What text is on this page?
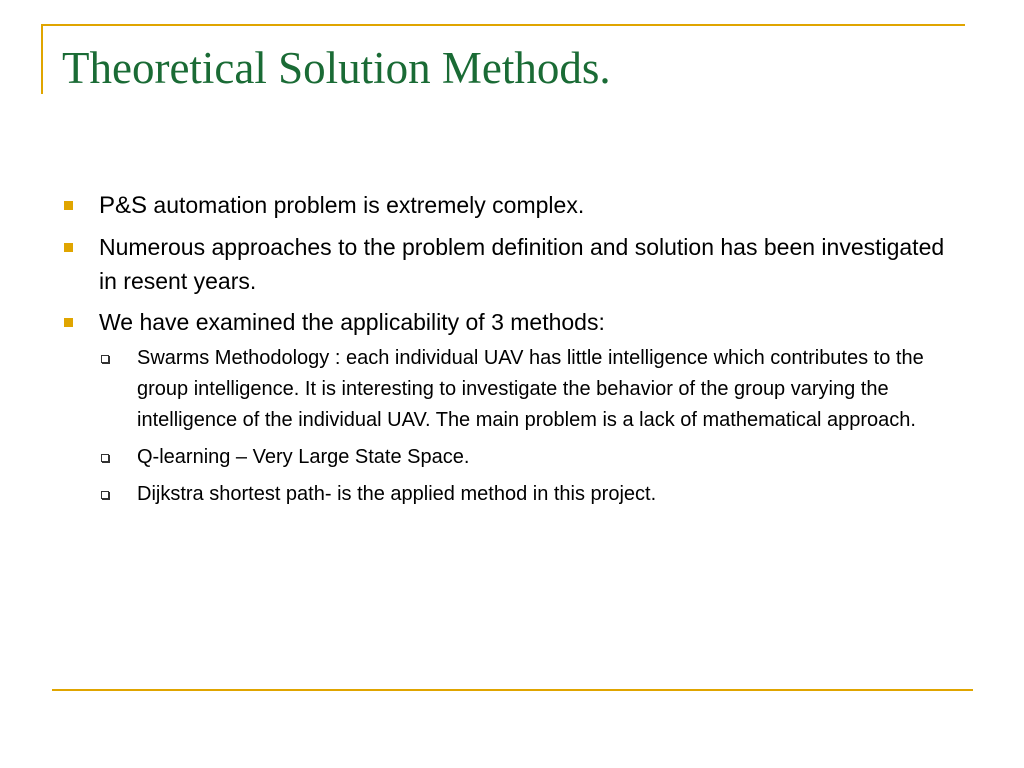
Theoretical Solution Methods.
P&S automation problem is extremely complex.
Numerous approaches to the problem definition and solution has been investigated in resent years.
We have examined the applicability of 3 methods:
Swarms Methodology : each individual UAV has little intelligence which contributes to the group intelligence. It is interesting to investigate the behavior of the group varying the intelligence of the individual UAV. The main problem is a lack of mathematical approach.
Q-learning – Very Large State Space.
Dijkstra shortest path- is the applied method in this project.
